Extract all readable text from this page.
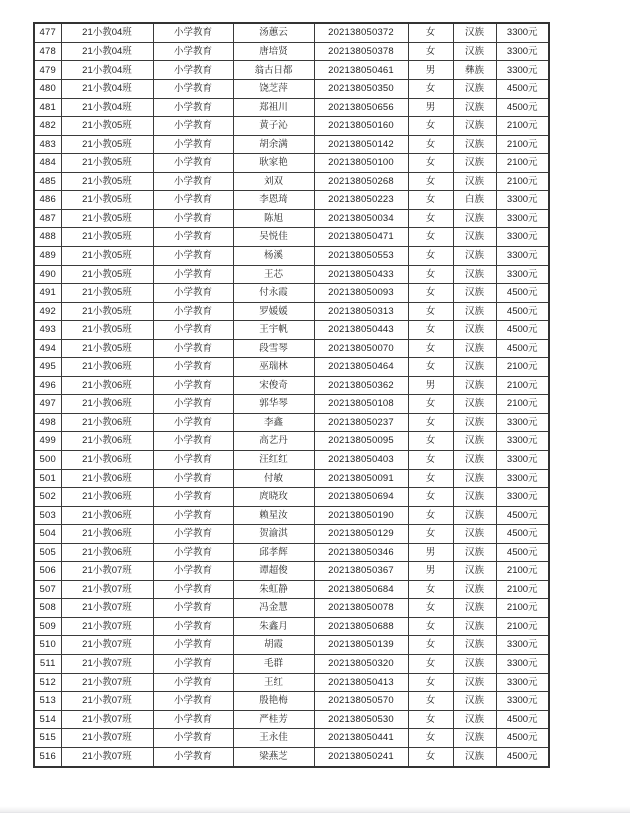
477	21小教04班	小学教育	汤蕙云	202138050372	女	汉族	3300元
478	21小教04班	小学教育	唐培贤	202138050378	女	汉族	3300元
479	21小教04班	小学教育	翁古日都	202138050461	男	彝族	3300元
480	21小教04班	小学教育	饶芝萍	202138050350	女	汉族	4500元
481	21小教04班	小学教育	郑祖川	202138050656	男	汉族	4500元
482	21小教05班	小学教育	黄子沁	202138050160	女	汉族	2100元
483	21小教05班	小学教育	胡余满	202138050142	女	汉族	2100元
484	21小教05班	小学教育	耿家艳	202138050100	女	汉族	2100元
485	21小教05班	小学教育	刘双	202138050268	女	汉族	2100元
486	21小教05班	小学教育	李恩琦	202138050223	女	白族	3300元
487	21小教05班	小学教育	陈旭	202138050034	女	汉族	3300元
488	21小教05班	小学教育	吴悦佳	202138050471	女	汉族	3300元
489	21小教05班	小学教育	杨溪	202138050553	女	汉族	3300元
490	21小教05班	小学教育	王芯	202138050433	女	汉族	3300元
491	21小教05班	小学教育	付永霞	202138050093	女	汉族	4500元
492	21小教05班	小学教育	罗媛媛	202138050313	女	汉族	4500元
493	21小教05班	小学教育	王宇帆	202138050443	女	汉族	4500元
494	21小教05班	小学教育	段雪琴	202138050070	女	汉族	4500元
495	21小教06班	小学教育	巫瑞林	202138050464	女	汉族	2100元
496	21小教06班	小学教育	宋俊奇	202138050362	男	汉族	2100元
497	21小教06班	小学教育	郭华琴	202138050108	女	汉族	2100元
498	21小教06班	小学教育	李鑫	202138050237	女	汉族	3300元
499	21小教06班	小学教育	高艺丹	202138050095	女	汉族	3300元
500	21小教06班	小学教育	汪红红	202138050403	女	汉族	3300元
501	21小教06班	小学教育	付敏	202138050091	女	汉族	3300元
502	21小教06班	小学教育	庹晓玫	202138050694	女	汉族	3300元
503	21小教06班	小学教育	赖星汝	202138050190	女	汉族	4500元
504	21小教06班	小学教育	贺渝淇	202138050129	女	汉族	4500元
505	21小教06班	小学教育	邱孝辉	202138050346	男	汉族	4500元
506	21小教07班	小学教育	谭超俊	202138050367	男	汉族	2100元
507	21小教07班	小学教育	朱虹静	202138050684	女	汉族	2100元
508	21小教07班	小学教育	冯金慧	202138050078	女	汉族	2100元
509	21小教07班	小学教育	朱鑫月	202138050688	女	汉族	2100元
510	21小教07班	小学教育	胡霞	202138050139	女	汉族	3300元
511	21小教07班	小学教育	毛群	202138050320	女	汉族	3300元
512	21小教07班	小学教育	王红	202138050413	女	汉族	3300元
513	21小教07班	小学教育	殷艳梅	202138050570	女	汉族	3300元
514	21小教07班	小学教育	严桂芳	202138050530	女	汉族	4500元
515	21小教07班	小学教育	王永佳	202138050441	女	汉族	4500元
516	21小教07班	小学教育	梁燕芝	202138050241	女	汉族	4500元
